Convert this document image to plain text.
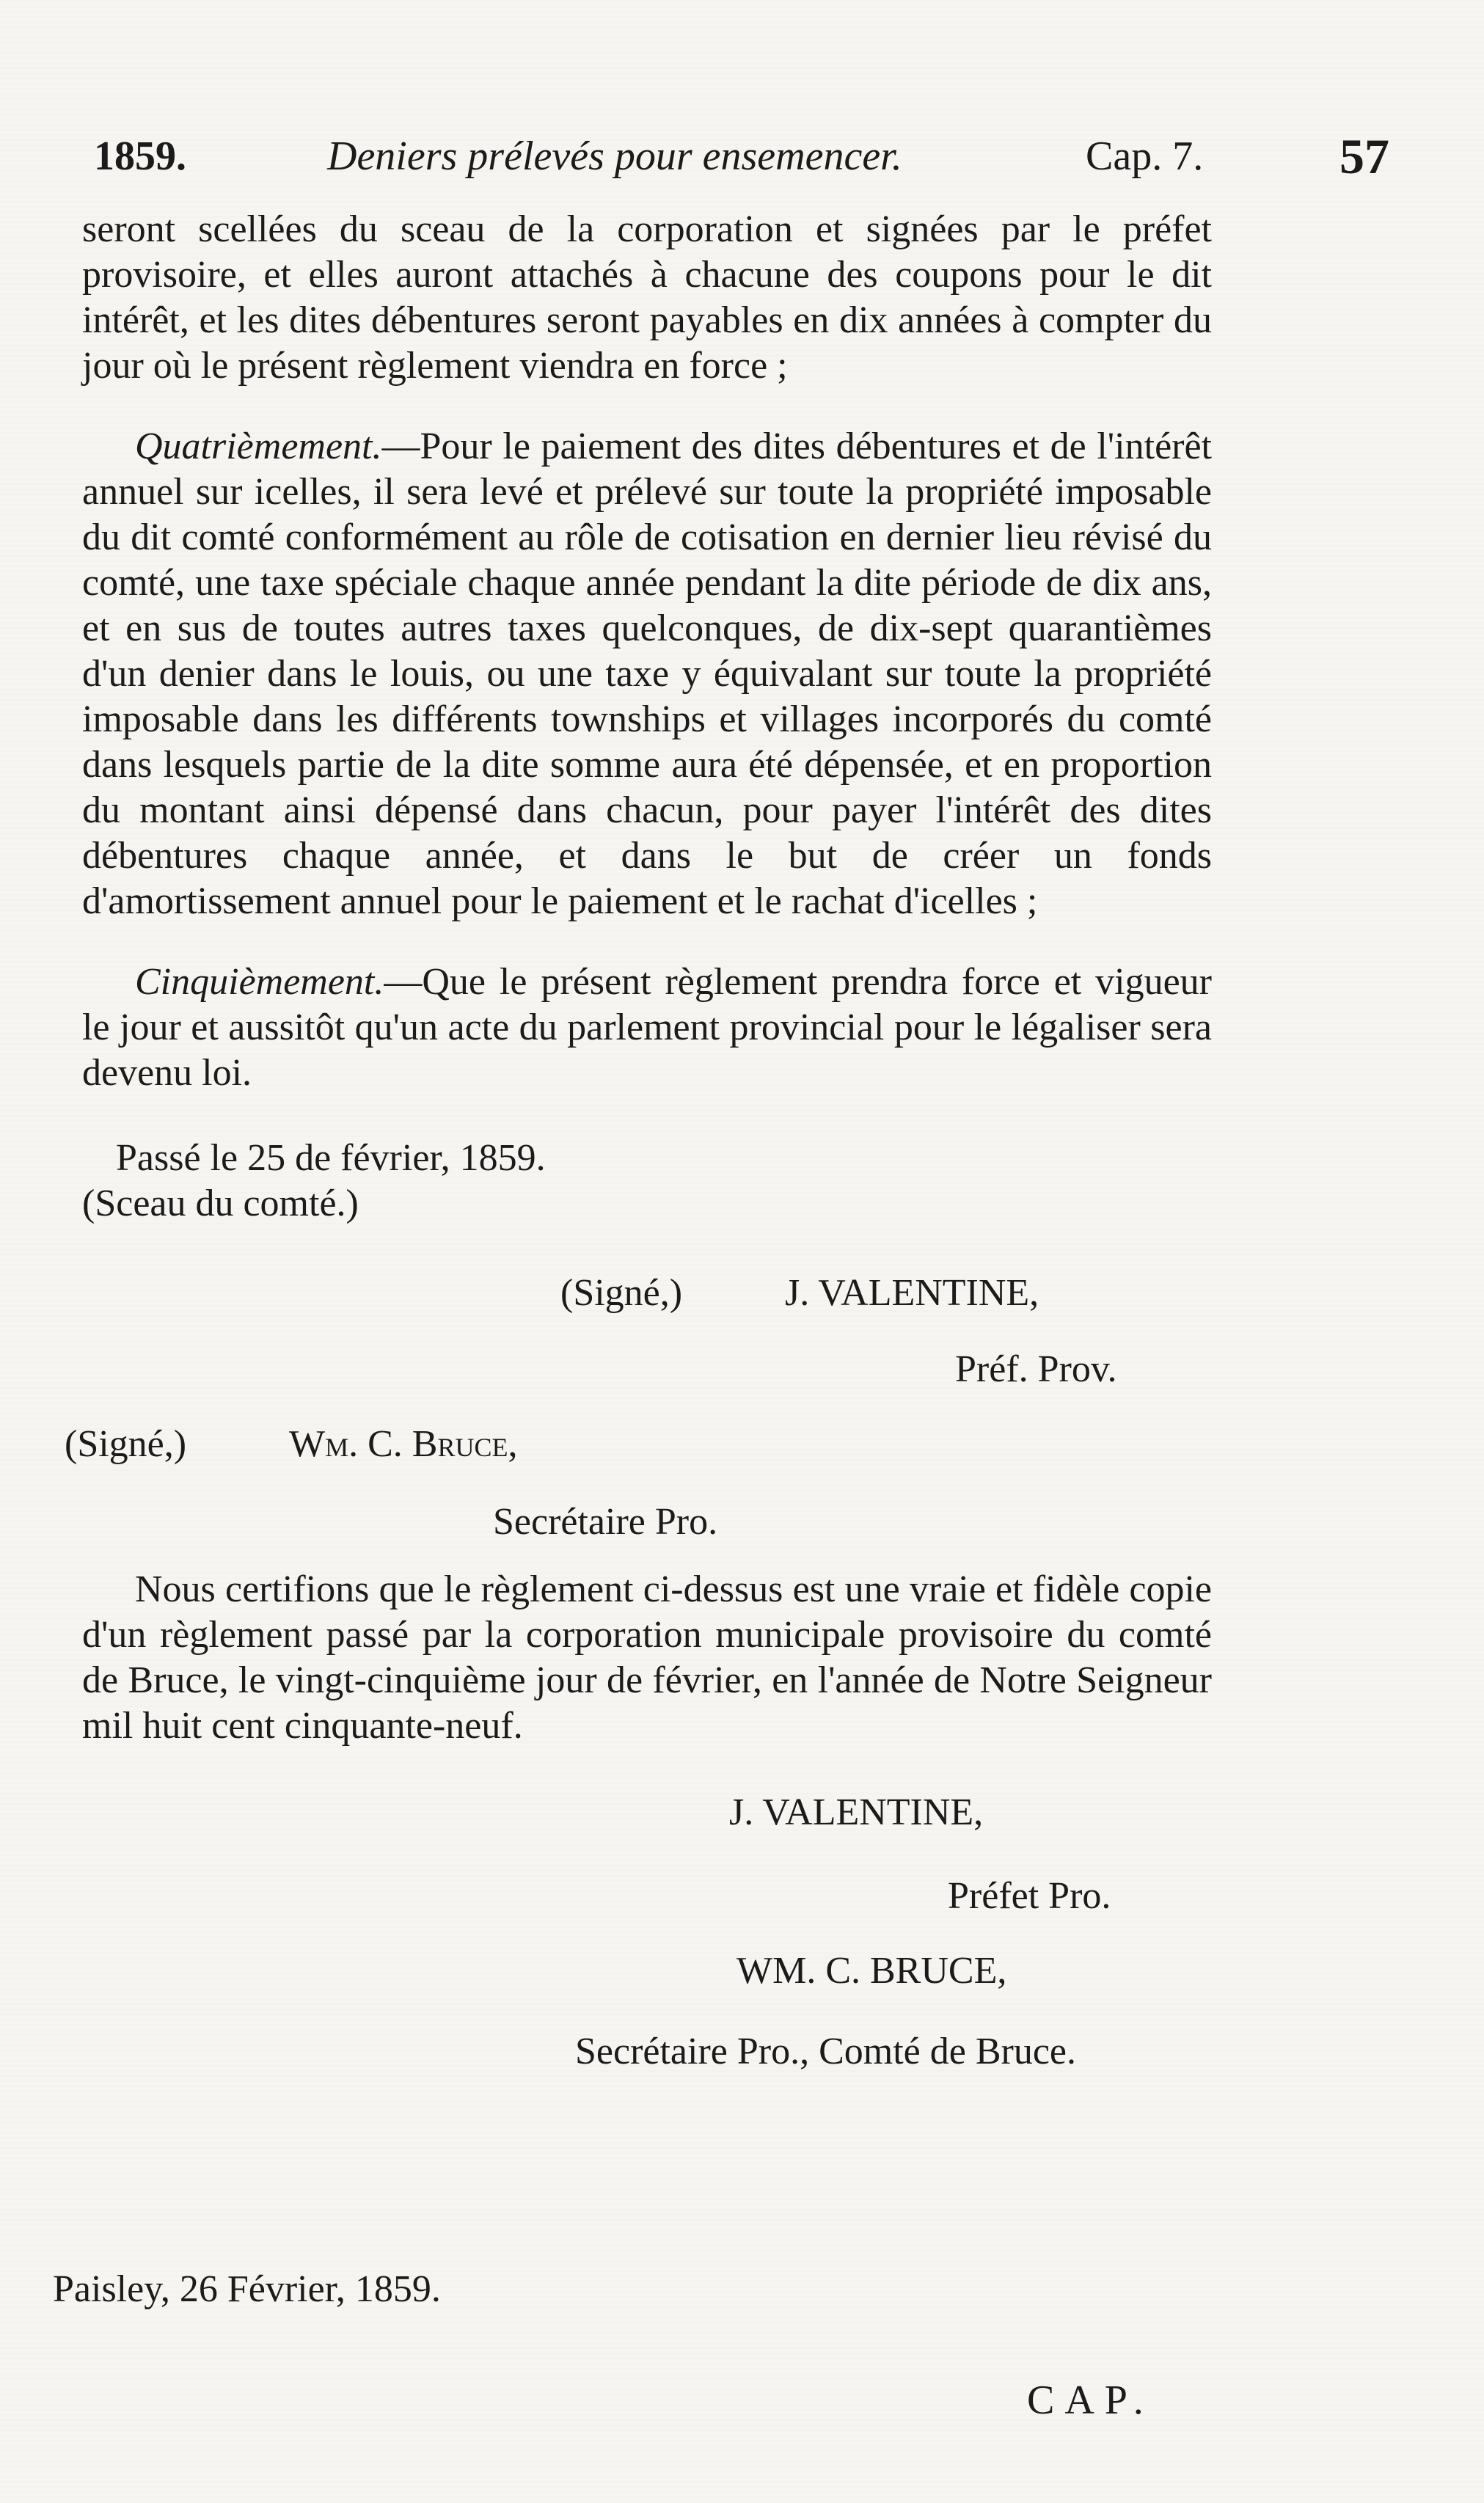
1859.	Deniers prélevés pour ensemencer.	Cap. 7.	57

seront scellées du sceau de la corporation et signées par le préfet provisoire, et elles auront attachés à chacune des coupons pour le dit intérêt, et les dites débentures seront payables en dix années à compter du jour où le présent règlement viendra en force ;

Quatrièmement.—Pour le paiement des dites débentures et de l'intérêt annuel sur icelles, il sera levé et prélevé sur toute la propriété imposable du dit comté conformément au rôle de cotisation en dernier lieu révisé du comté, une taxe spéciale chaque année pendant la dite période de dix ans, et en sus de toutes autres taxes quelconques, de dix-sept quarantièmes d'un denier dans le louis, ou une taxe y équivalant sur toute la propriété imposable dans les différents townships et villages incorporés du comté dans lesquels partie de la dite somme aura été dépensée, et en proportion du montant ainsi dépensé dans chacun, pour payer l'intérêt des dites débentures chaque année, et dans le but de créer un fonds d'amortissement annuel pour le paiement et le rachat d'icelles ;

Cinquièmement.—Que le présent règlement prendra force et vigueur le jour et aussitôt qu'un acte du parlement provincial pour le légaliser sera devenu loi.

Passé le 25 de février, 1859.
(Sceau du comté.)
(Signé,)	J. VALENTINE,
Préf. Prov.
(Signé,)	Wm. C. Bruce,
Secrétaire Pro.

Nous certifions que le règlement ci-dessus est une vraie et fidèle copie d'un règlement passé par la corporation municipale provisoire du comté de Bruce, le vingt-cinquième jour de février, en l'année de Notre Seigneur mil huit cent cinquante-neuf.

J. VALENTINE,
Préfet Pro.
WM. C. BRUCE,
Secrétaire Pro., Comté de Bruce.
Paisley, 26 Février, 1859.
CAP.
